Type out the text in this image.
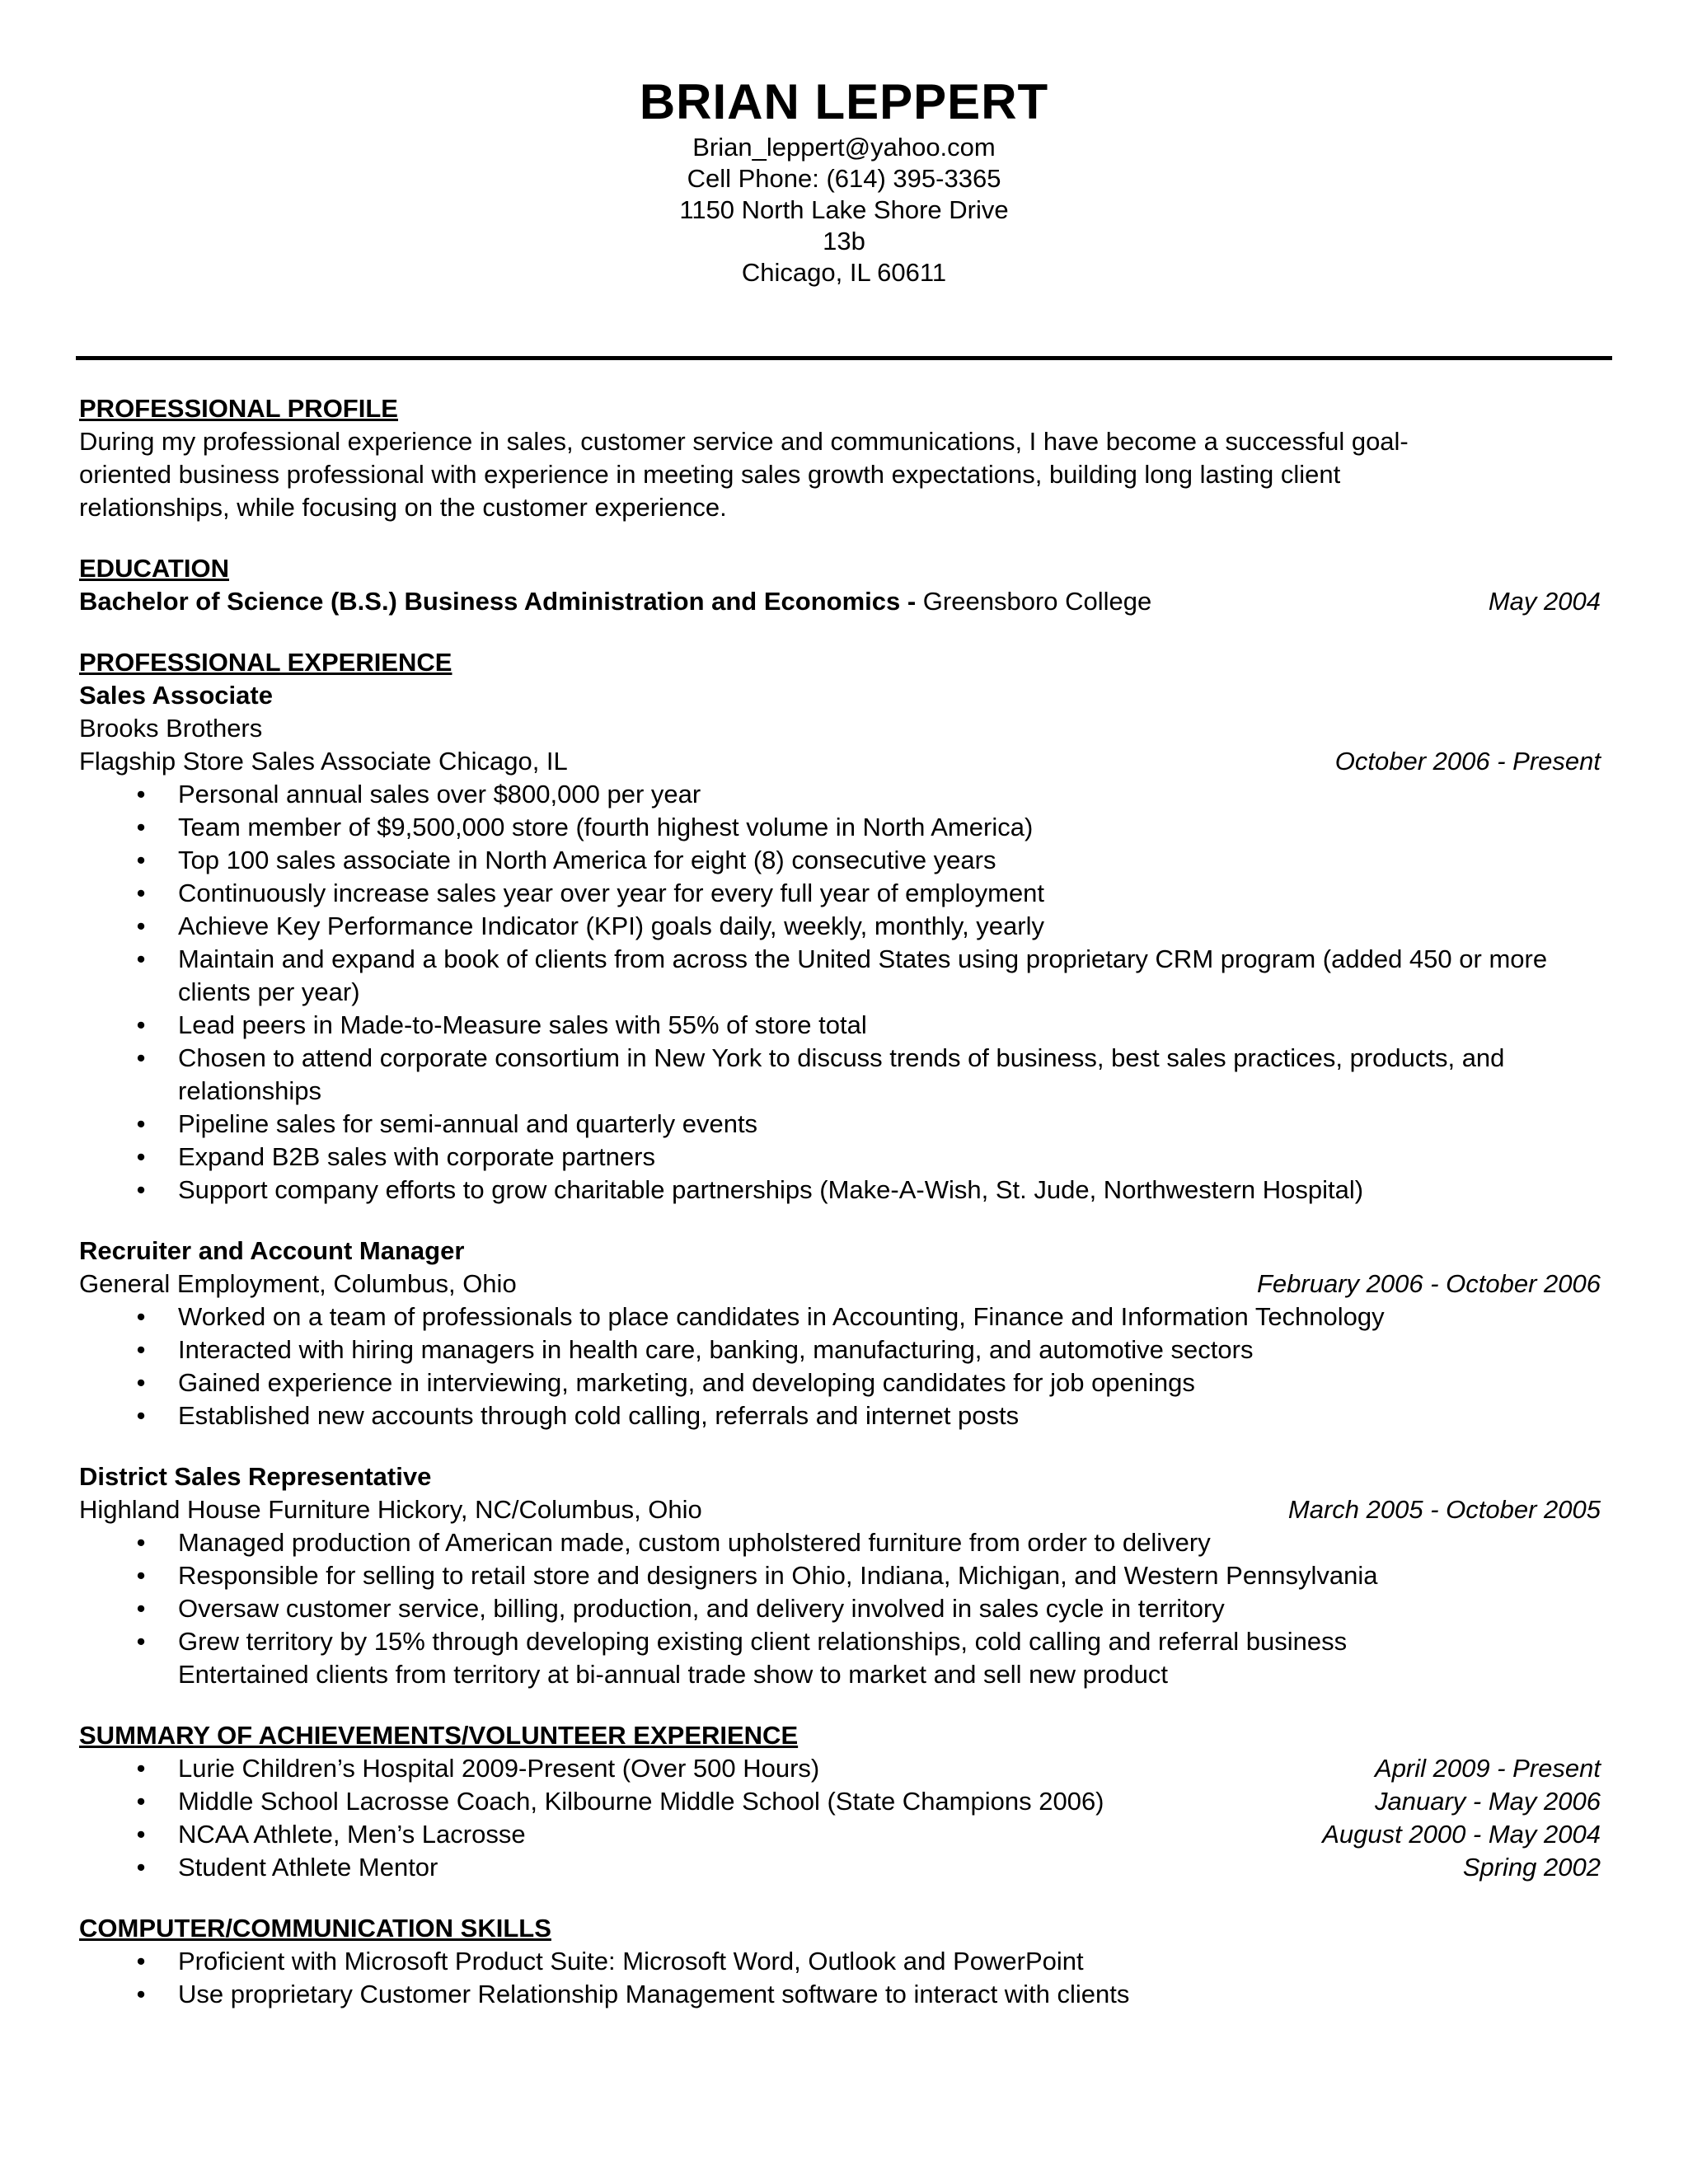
BRIAN LEPPERT
Brian_leppert@yahoo.com
Cell Phone: (614) 395-3365
1150 North Lake Shore Drive
13b
Chicago, IL 60611
PROFESSIONAL PROFILE
During my professional experience in sales, customer service and communications, I have become a successful goal-
oriented business professional with experience in meeting sales growth expectations, building long lasting client
relationships, while focusing on the customer experience.
EDUCATION
Bachelor of Science (B.S.) Business Administration and Economics - Greensboro College	May 2004
PROFESSIONAL EXPERIENCE
Sales Associate
Brooks Brothers
Flagship Store Sales Associate Chicago, IL	October 2006 - Present
•	Personal annual sales over $800,000 per year
•	Team member of $9,500,000 store (fourth highest volume in North America)
•	Top 100 sales associate in North America for eight (8) consecutive years
•	Continuously increase sales year over year for every full year of employment
•	Achieve Key Performance Indicator (KPI) goals daily, weekly, monthly, yearly
•	Maintain and expand a book of clients from across the United States using proprietary CRM program (added 450 or more clients per year)
•	Lead peers in Made-to-Measure sales with 55% of store total
•	Chosen to attend corporate consortium in New York to discuss trends of business, best sales practices, products, and relationships
•	Pipeline sales for semi-annual and quarterly events
•	Expand B2B sales with corporate partners
•	Support company efforts to grow charitable partnerships (Make-A-Wish, St. Jude, Northwestern Hospital)
Recruiter and Account Manager
General Employment, Columbus, Ohio	February 2006 - October 2006
•	Worked on a team of professionals to place candidates in Accounting, Finance and Information Technology
•	Interacted with hiring managers in health care, banking, manufacturing, and automotive sectors
•	Gained experience in interviewing, marketing, and developing candidates for job openings
•	Established new accounts through cold calling, referrals and internet posts
District Sales Representative
Highland House Furniture Hickory, NC/Columbus, Ohio	March 2005 - October 2005
•	Managed production of American made, custom upholstered furniture from order to delivery
•	Responsible for selling to retail store and designers in Ohio, Indiana, Michigan, and Western Pennsylvania
•	Oversaw customer service, billing, production, and delivery involved in sales cycle in territory
•	Grew territory by 15% through developing existing client relationships, cold calling and referral business
Entertained clients from territory at bi-annual trade show to market and sell new product
SUMMARY OF ACHIEVEMENTS/VOLUNTEER EXPERIENCE
•	Lurie Children’s Hospital 2009-Present (Over 500 Hours)	April 2009 - Present
•	Middle School Lacrosse Coach, Kilbourne Middle School (State Champions 2006)	January - May 2006
•	NCAA Athlete, Men’s Lacrosse	August 2000 - May 2004
•	Student Athlete Mentor	Spring 2002
COMPUTER/COMMUNICATION SKILLS
•	Proficient with Microsoft Product Suite: Microsoft Word, Outlook and PowerPoint
•	Use proprietary Customer Relationship Management software to interact with clients
